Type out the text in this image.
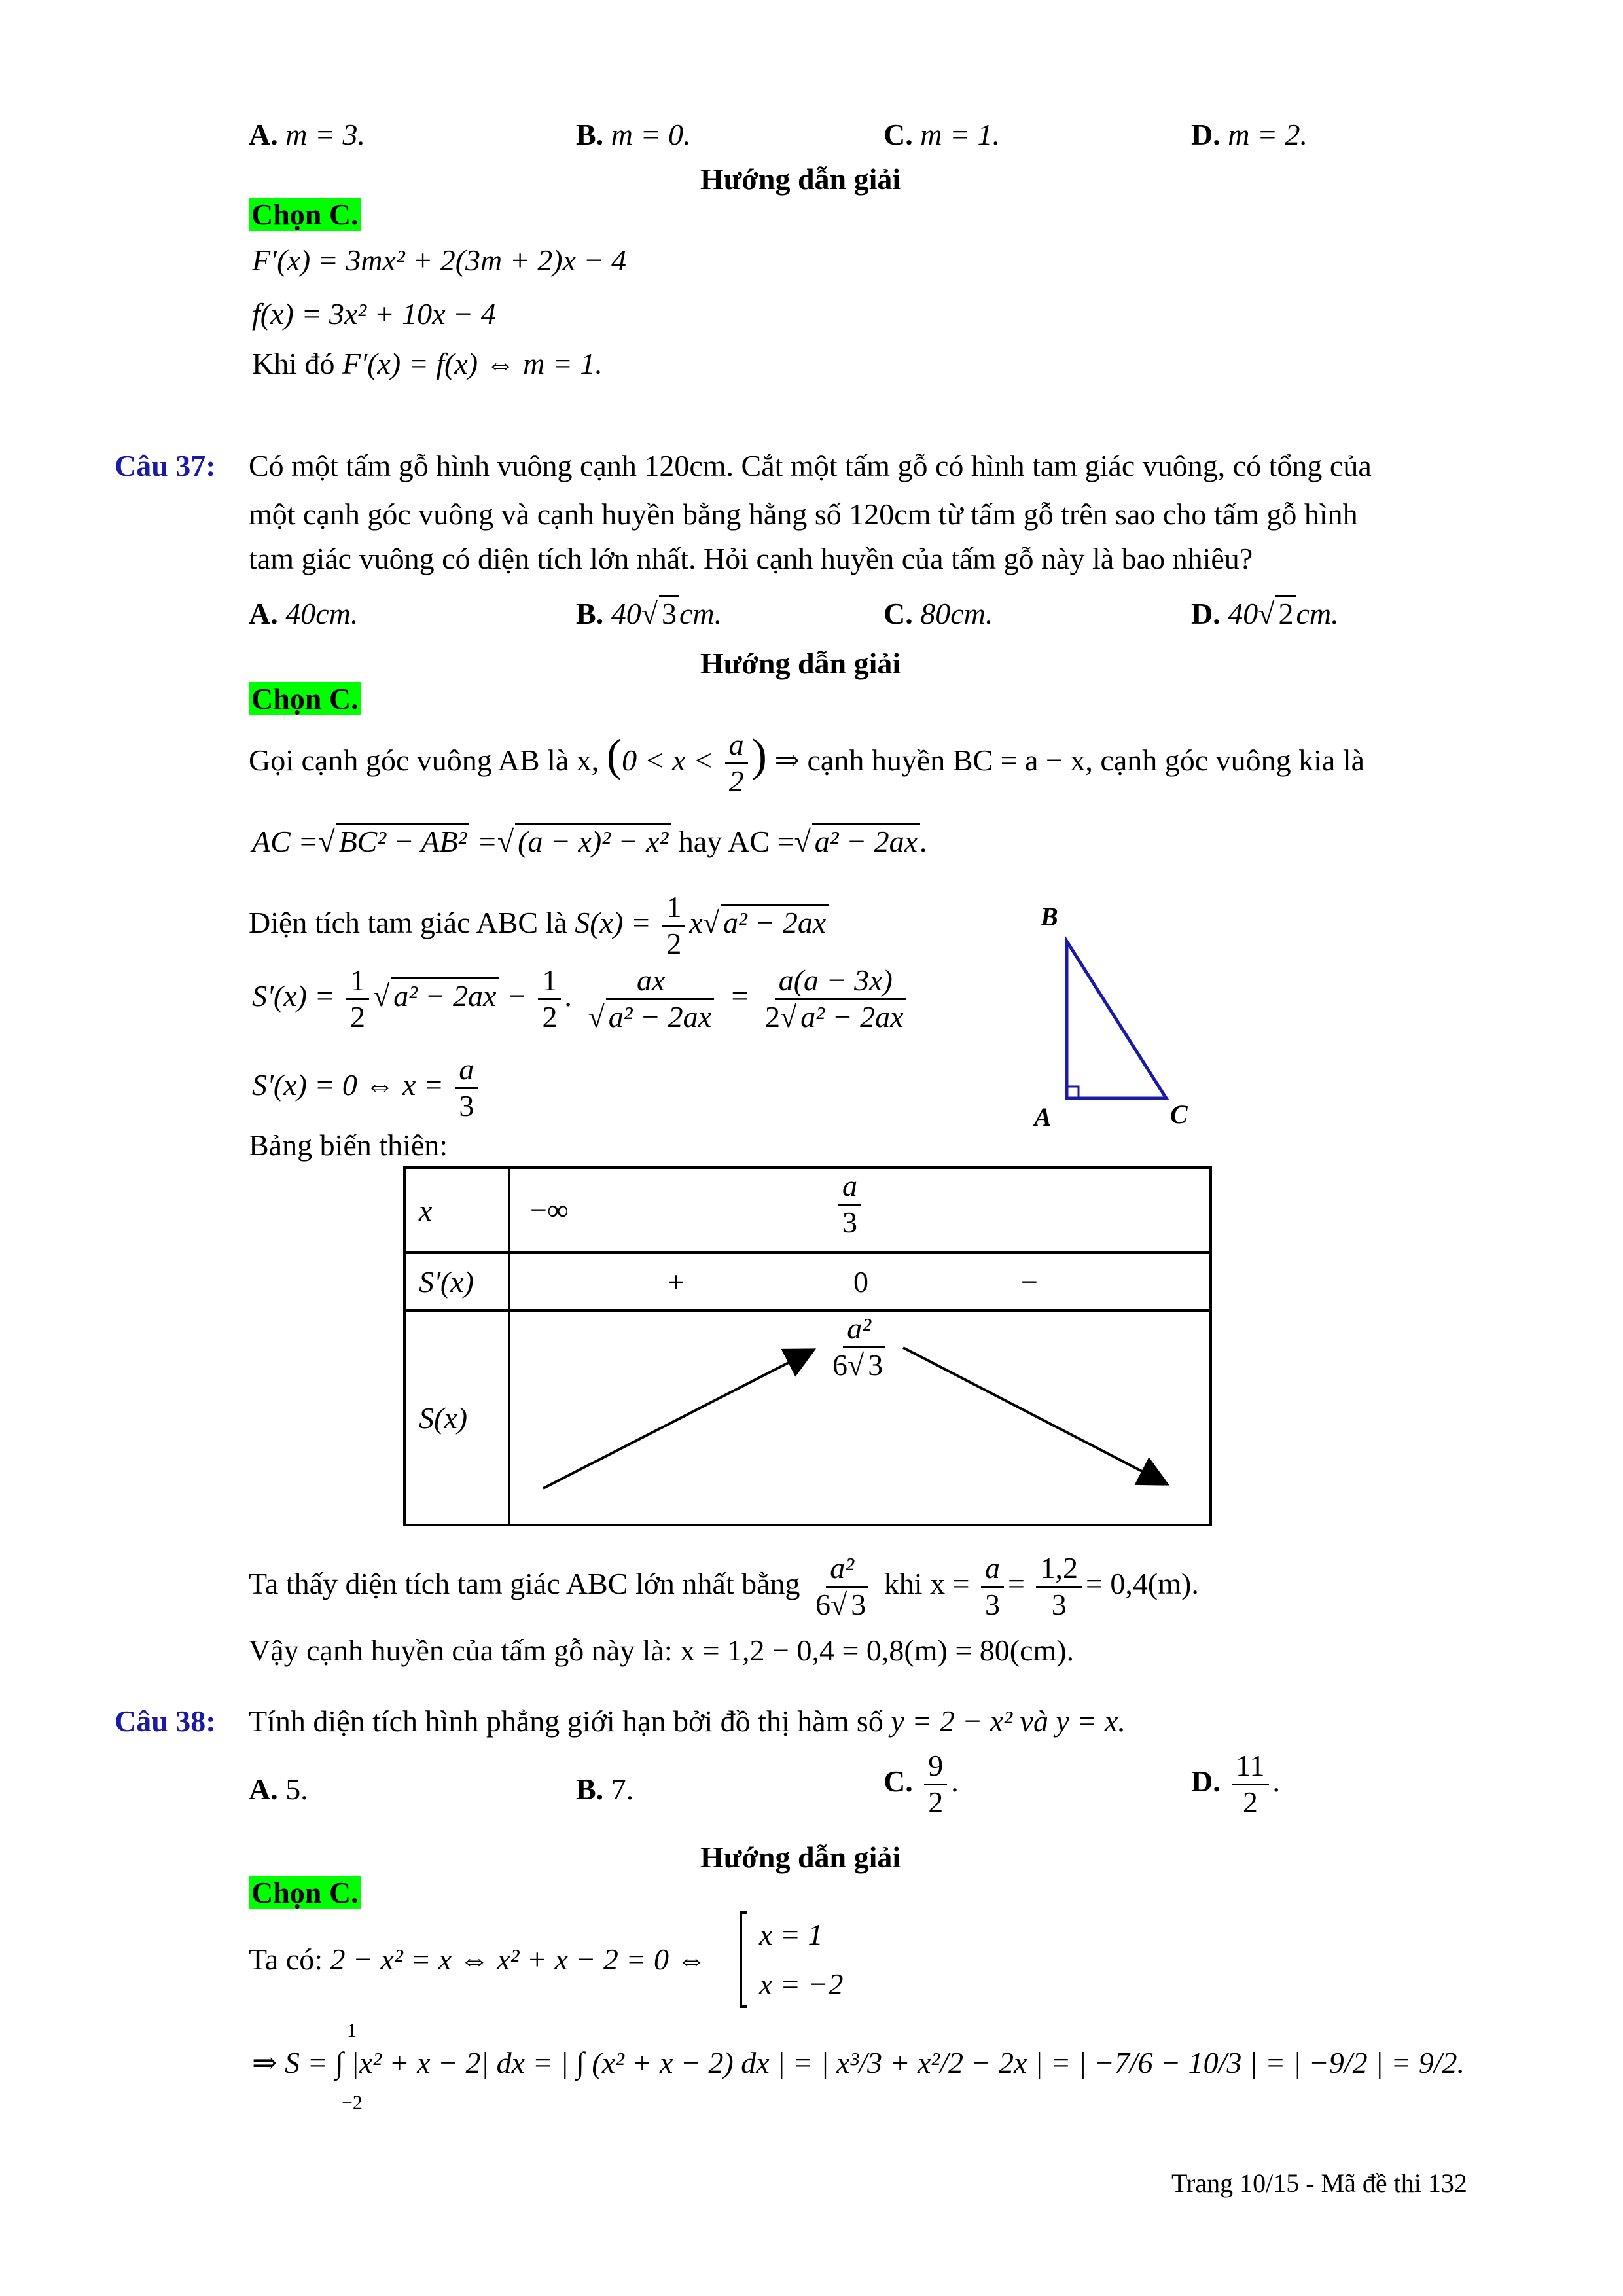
A. m = 3.	B. m = 0.	C. m = 1.	D. m = 2.
Hướng dẫn giải
Chọn C.
F′(x) = 3mx² + 2(3m + 2)x − 4
f(x) = 3x² + 10x − 4
Khi đó F′(x) = f(x) ⇔ m = 1.
Câu 37: Có một tấm gỗ hình vuông cạnh 120cm. Cắt một tấm gỗ có hình tam giác vuông, có tổng của
một cạnh góc vuông và cạnh huyền bằng hằng số 120cm từ tấm gỗ trên sao cho tấm gỗ hình
tam giác vuông có diện tích lớn nhất. Hỏi cạnh huyền của tấm gỗ này là bao nhiêu?
A. 40cm.	B. 40√ 3cm.	C. 80cm.	D. 40√ 2cm.
Hướng dẫn giải
Chọn C.
Gọi cạnh góc vuông AB là x, ($0 < x < \frac{a}{2}$ ) ⇒ cạnh huyền BC = a − x, cạnh góc vuông kia là
AC =√ BC² − AB² =√ (a − x)² − x² hay AC =√ a² − 2ax.
Diện tích tam giác ABC là $S(x) = \frac{1}{2} x√$ a² − 2ax
$S'(x) = \frac{1}{2}$ √ $a^2 - 2ax - \frac{1}{2}$ . $\frac{ax}{\text{√ a² − 2ax}} = \frac{a(a - 3x)}{\text{2√ a² − 2ax}}$
S'(x) = 0 ⇔ $x = \frac{a}{3}$
Bảng biến thiên:
B
A	C
x	−∞ $\frac{a}{3}$

S'(x)	+ 0 −

S(x)	$\frac{\text{a²}}{6√ 3}$
Ta thấy diện tích tam giác ABC lớn nhất bằng $\frac{\text{a²}}{6√ 3}$ khi $x = \frac{a}{3} = \frac{1,2}{3} = 0,4(m)$.
Vậy cạnh huyền của tấm gỗ này là: x = 1,2 − 0,4 = 0,8(m) = 80(cm).
Câu 38: Tính diện tích hình phẳng giới hạn bởi đồ thị hàm số y = 2 − x² và y = x.
A. 5.	B. 7.	C. $\frac{9}{2}$ .	D. $\frac{11}{2}$ .
Hướng dẫn giải
Chọn C.
Ta có: 2 − x² = x ⇔ x² + x − 2 = 0 ⇔
x = 1
x = −2
⇒ S = ∫ |x² + x − 2| dx = | ∫ (x² + x − 2) dx | = | x³/3 + x²/2 − 2x | = | −7/6 − 10/3 | = | −9/2 | = 9/2.
1
−2
Trang 10/15 - Mã đề thi 132
